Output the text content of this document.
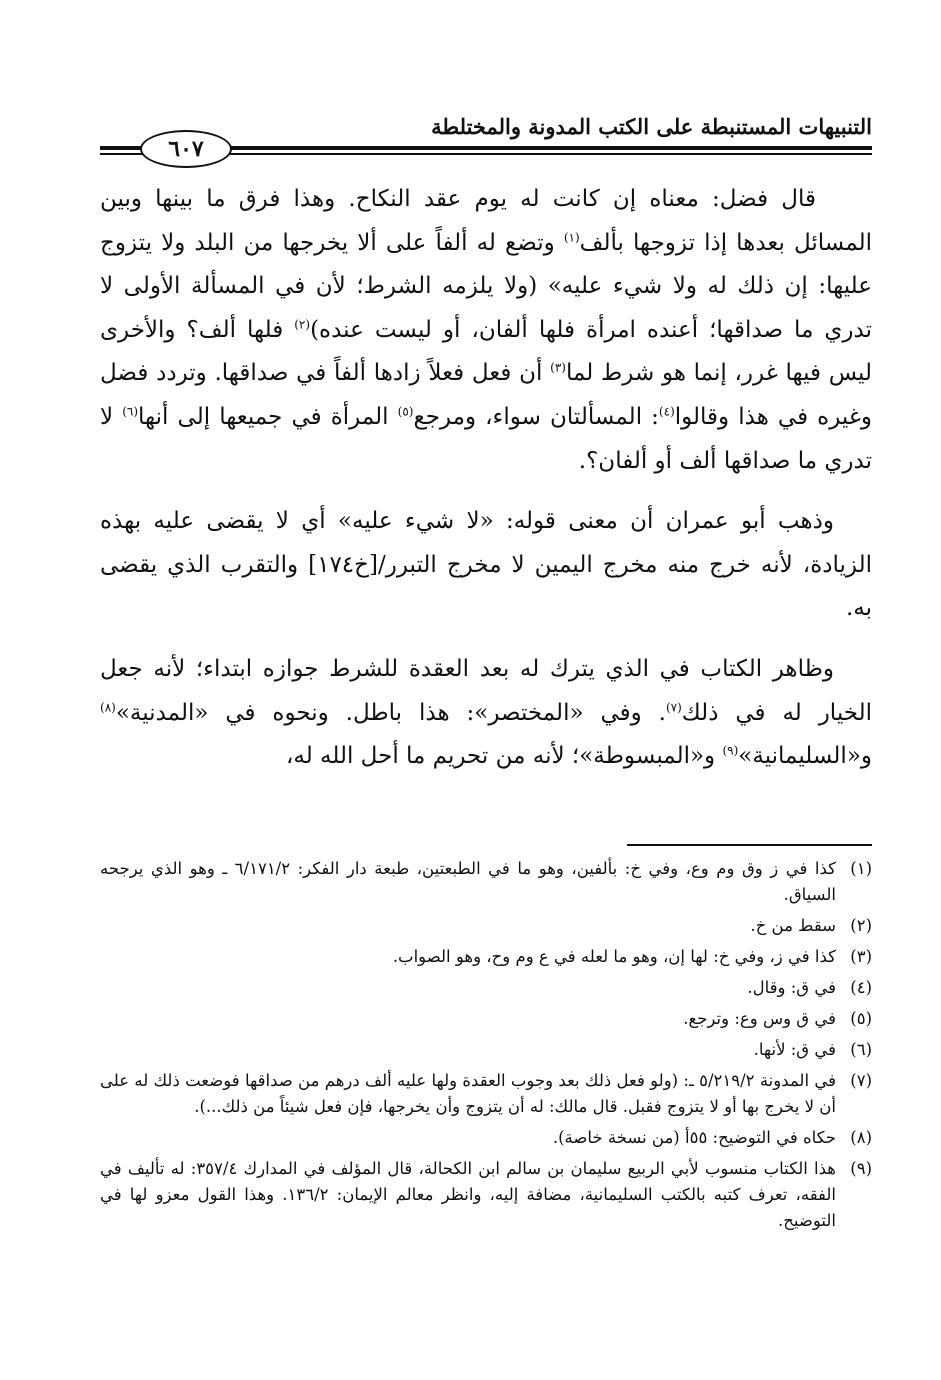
التنبيهات المستنبطة على الكتب المدونة والمختلطة
٦٠٧

قال فضل: معناه إن كانت له يوم عقد النكاح. وهذا فرق ما بينها وبين المسائل بعدها إذا تزوجها بألف$^{(١)}$ وتضع له ألفاً على ألا يخرجها من البلد ولا يتزوج عليها: إن ذلك له ولا شيء عليه» (ولا يلزمه الشرط؛ لأن في المسألة الأولى لا تدري ما صداقها؛ أعنده امرأة فلها ألفان، أو ليست عنده)$^{(٢)}$ فلها ألف؟ والأخرى ليس فيها غرر، إنما هو شرط لما$^{(٣)}$ أن فعل فعلاً زادها ألفاً في صداقها. وتردد فضل وغيره في هذا وقالوا$^{(٤)}$: المسألتان سواء، ومرجع$^{(٥)}$ المرأة في جميعها إلى أنها$^{(٦)}$ لا تدري ما صداقها ألف أو ألفان؟.

وذهب أبو عمران أن معنى قوله: «لا شيء عليه» أي لا يقضى عليه بهذه الزيادة، لأنه خرج منه مخرج اليمين لا مخرج التبرر/[خ١٧٤] والتقرب الذي يقضى به.

وظاهر الكتاب في الذي يترك له بعد العقدة للشرط جوازه ابتداء؛ لأنه جعل الخيار له في ذلك$^{(٧)}$. وفي «المختصر»: هذا باطل. ونحوه في «المدنية»$^{(٨)}$ و«السليمانية»$^{(٩)}$ و«المبسوطة»؛ لأنه من تحريم ما أحل الله له،

(١)
كذا في ز وق وم وع، وفي خ: بألفين، وهو ما في الطبعتين، طبعة دار الفكر: ٦/١٧١/٢ ـ وهو الذي يرجحه السياق.
(٢)
سقط من خ.
(٣)
كذا في ز، وفي خ: لها إن، وهو ما لعله في ع وم وح، وهو الصواب.
(٤)
في ق: وقال.
(٥)
في ق وس وع: وترجع.
(٦)
في ق: لأنها.
(٧)
في المدونة ٥/٢١٩/٢ ـ: (ولو فعل ذلك بعد وجوب العقدة ولها عليه ألف درهم من صداقها فوضعت ذلك له على أن لا يخرج بها أو لا يتزوج فقبل. قال مالك: له أن يتزوج وأن يخرجها، فإن فعل شيئاً من ذلك...).
(٨)
حكاه في التوضيح: ٥٥أ (من نسخة خاصة).
(٩)
هذا الكتاب منسوب لأبي الربيع سليمان بن سالم ابن الكحالة، قال المؤلف في المدارك ٣٥٧/٤: له تأليف في الفقه، تعرف كتبه بالكتب السليمانية، مضافة إليه، وانظر معالم الإيمان: ١٣٦/٢. وهذا القول معزو لها في التوضيح.
